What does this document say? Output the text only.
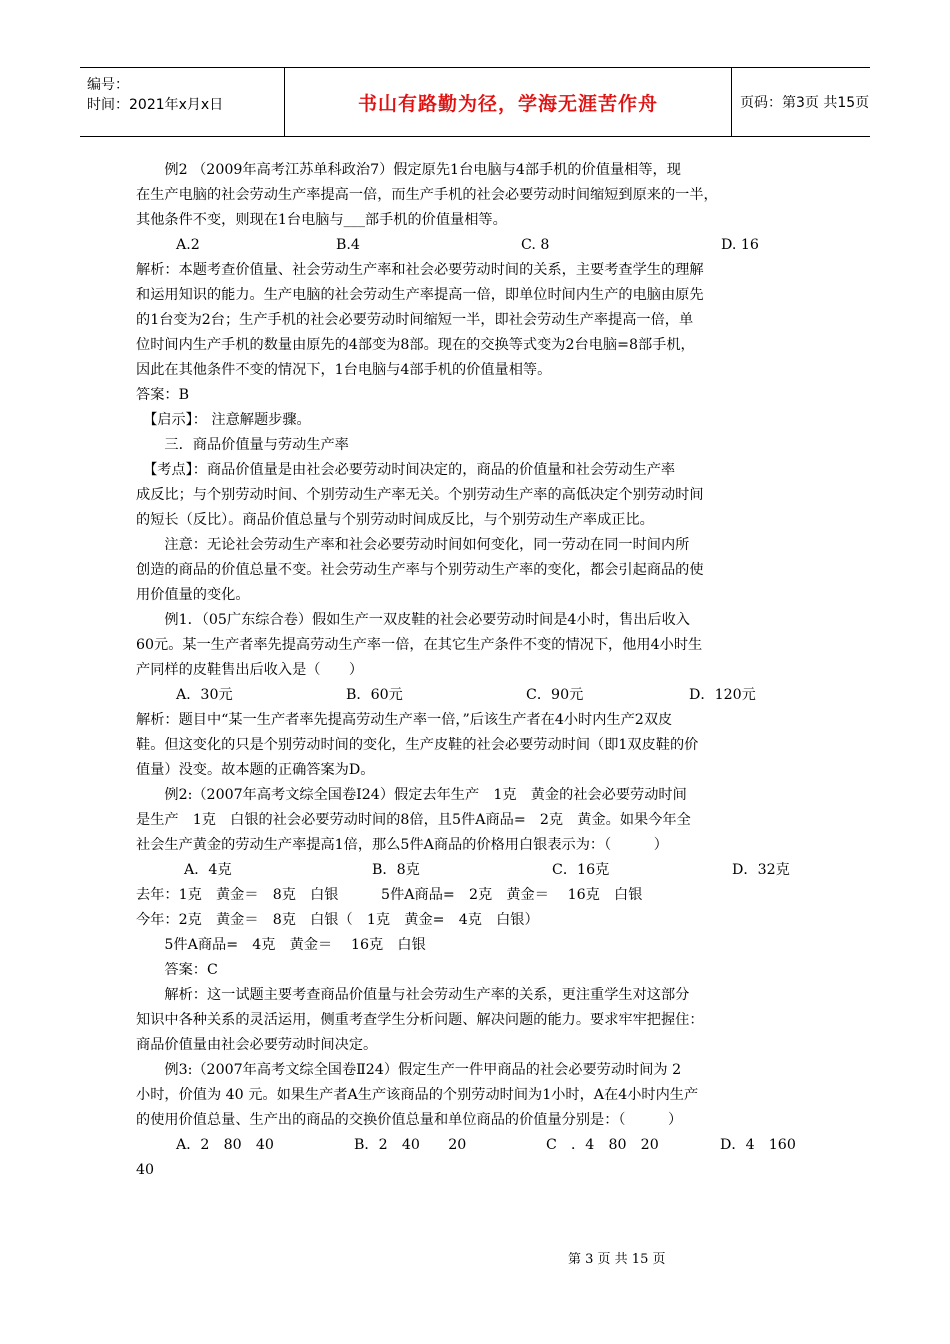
编号：
时间：2021年x月x日	书山有路勤为径，学海无涯苦作舟	页码：第3页 共15页
　　例2 （2009年高考江苏单科政治7）假定原先1台电脑与4部手机的价值量相等，现
在生产电脑的社会劳动生产率提高一倍，而生产手机的社会必要劳动时间缩短到原来的一半，
其他条件不变，则现在1台电脑与___部手机的价值量相等。
A.2	B.4	C. 8	D. 16
解析：本题考查价值量、社会劳动生产率和社会必要劳动时间的关系，主要考查学生的理解
和运用知识的能力。生产电脑的社会劳动生产率提高一倍，即单位时间内生产的电脑由原先
的1台变为2台；生产手机的社会必要劳动时间缩短一半，即社会劳动生产率提高一倍，单
位时间内生产手机的数量由原先的4部变为8部。现在的交换等式变为2台电脑=8部手机，
因此在其他条件不变的情况下，1台电脑与4部手机的价值量相等。
答案：B
　【启示】： 注意解题步骤。
　　三．商品价值量与劳动生产率
　【考点】：商品价值量是由社会必要劳动时间决定的，商品的价值量和社会劳动生产率
成反比；与个别劳动时间、个别劳动生产率无关。个别劳动生产率的高低决定个别劳动时间
的短长（反比）。商品价值总量与个别劳动时间成反比，与个别劳动生产率成正比。
　　注意：无论社会劳动生产率和社会必要劳动时间如何变化，同一劳动在同一时间内所
创造的商品的价值总量不变。社会劳动生产率与个别劳动生产率的变化，都会引起商品的使
用价值量的变化。
　　例1．（05广东综合卷）假如生产一双皮鞋的社会必要劳动时间是4小时，售出后收入
60元。某一生产者率先提高劳动生产率一倍，在其它生产条件不变的情况下，他用4小时生
产同样的皮鞋售出后收入是（　　）
A．30元	B．60元	C．90元	D．120元
解析：题目中“某一生产者率先提高劳动生产率一倍，”后该生产者在4小时内生产2双皮
鞋。但这变化的只是个别劳动时间的变化，生产皮鞋的社会必要劳动时间（即1双皮鞋的价
值量）没变。故本题的正确答案为D。
　　例2:（2007年高考文综全国卷Ⅰ24）假定去年生产　1克　黄金的社会必要劳动时间
是生产　1克　白银的社会必要劳动时间的8倍，且5件A商品=　2克　黄金。如果今年全
社会生产黄金的劳动生产率提高1倍，那么5件A商品的价格用白银表示为：（　　　）
A．4克	B．8克	C．16克	D．32克
去年：1克　黄金＝　8克　白银　　　5件A商品=　2克　黄金＝　 16克　白银
今年：2克　黄金＝　8克　白银（　1克　黄金=　4克　白银）
　　5件A商品=　4克　黄金＝　 16克　白银
　　答案：C
　　解析：这一试题主要考查商品价值量与社会劳动生产率的关系，更注重学生对这部分
知识中各种关系的灵活运用，侧重考查学生分析问题、解决问题的能力。要求牢牢把握住：
商品价值量由社会必要劳动时间决定。
　　例3:（2007年高考文综全国卷Ⅱ24）假定生产一件甲商品的社会必要劳动时间为 2
小时，价值为 40 元。如果生产者A生产该商品的个别劳动时间为1小时，A在4小时内生产
的使用价值总量、生产出的商品的交换价值总量和单位商品的价值量分别是：（　　　）
A．2　80　40	B．2　40　　20	C　．4　80　20	D．4　160
40
第 3 页 共 15 页
